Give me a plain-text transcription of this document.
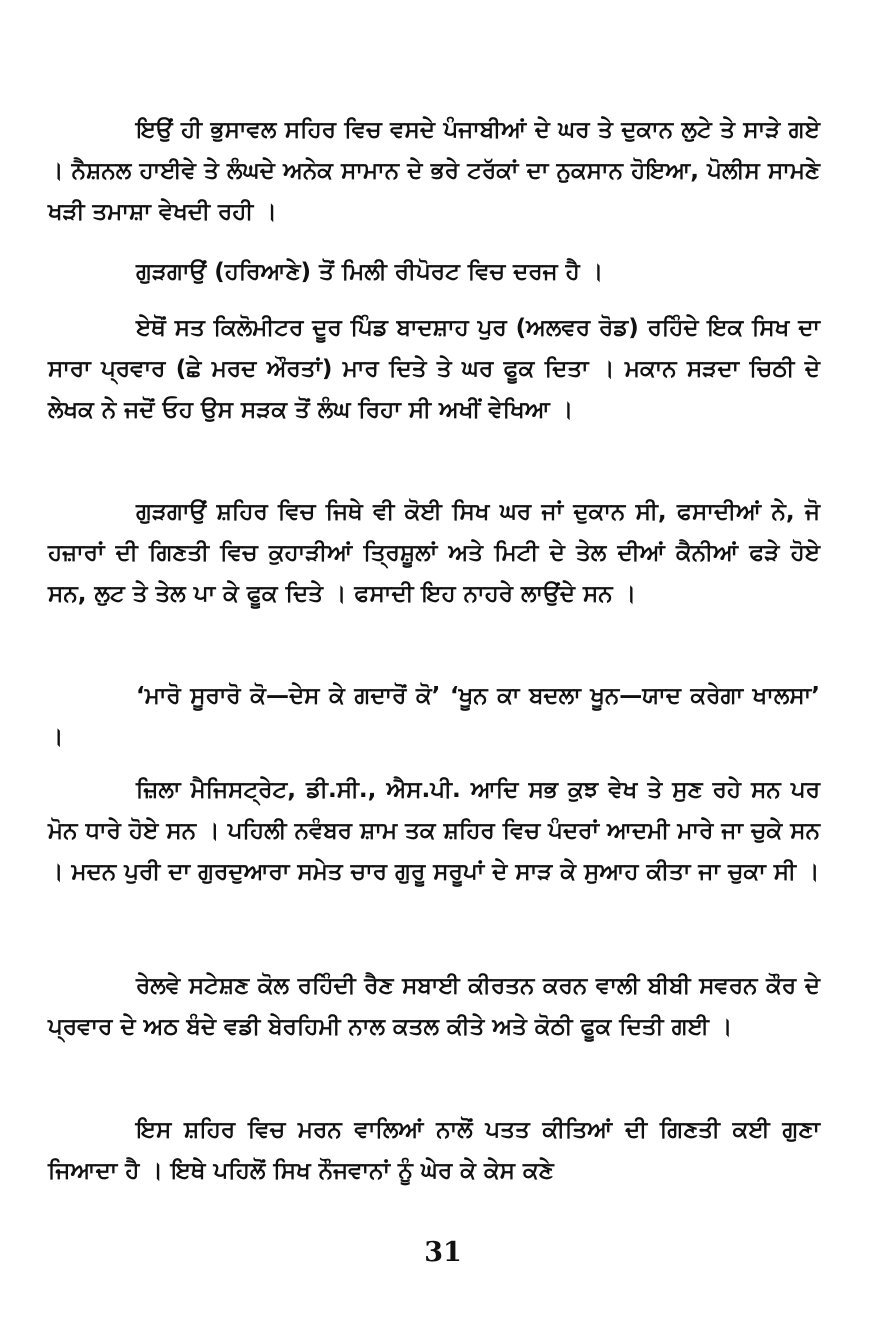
ਇਉਂ ਹੀ ਭੁਸਾਵਲ ਸਹਿਰ ਵਿਚ ਵਸਦੇ ਪੰਜਾਬੀਆਂ ਦੇ ਘਰ ਤੇ ਦੁਕਾਨ ਲੁਟੇ ਤੇ ਸਾੜੇ ਗਏ । ਨੈਸ਼ਨਲ ਹਾਈਵੇ ਤੇ ਲੰਘਦੇ ਅਨੇਕ ਸਾਮਾਨ ਦੇ ਭਰੇ ਟਰੱਕਾਂ ਦਾ ਨੁਕਸਾਨ ਹੋਇਆ, ਪੋਲੀਸ ਸਾਮਣੇ ਖੜੀ ਤਮਾਸ਼ਾ ਵੇਖਦੀ ਰਹੀ ।

ਗੁੜਗਾਉਂ (ਹਰਿਆਣੇ) ਤੋਂ ਮਿਲੀ ਰੀਪੋਰਟ ਵਿਚ ਦਰਜ ਹੈ ।

ਏਥੋਂ ਸਤ ਕਿਲੋਮੀਟਰ ਦੂਰ ਪਿੰਡ ਬਾਦਸ਼ਾਹ ਪੁਰ (ਅਲਵਰ ਰੋਡ) ਰਹਿੰਦੇ ਇਕ ਸਿਖ ਦਾ ਸਾਰਾ ਪ੍ਰਵਾਰ (ਛੇ ਮਰਦ ਔਰਤਾਂ) ਮਾਰ ਦਿਤੇ ਤੇ ਘਰ ਫੂਕ ਦਿਤਾ । ਮਕਾਨ ਸੜਦਾ ਚਿਠੀ ਦੇ ਲੇਖਕ ਨੇ ਜਦੋਂ ਓਹ ਉਸ ਸੜਕ ਤੋਂ ਲੰਘ ਰਿਹਾ ਸੀ ਅਖੀਂ ਵੇਖਿਆ ।

ਗੁੜਗਾਉਂ ਸ਼ਹਿਰ ਵਿਚ ਜਿਥੇ ਵੀ ਕੋਈ ਸਿਖ ਘਰ ਜਾਂ ਦੁਕਾਨ ਸੀ, ਫਸਾਦੀਆਂ ਨੇ, ਜੋ ਹਜ਼ਾਰਾਂ ਦੀ ਗਿਣਤੀ ਵਿਚ ਕੁਹਾੜੀਆਂ ਤ੍ਰਿਸ਼ੂਲਾਂ ਅਤੇ ਮਿਟੀ ਦੇ ਤੇਲ ਦੀਆਂ ਕੈਨੀਆਂ ਫੜੇ ਹੋਏ ਸਨ, ਲੁਟ ਤੇ ਤੇਲ ਪਾ ਕੇ ਫੂਕ ਦਿਤੇ । ਫਸਾਦੀ ਇਹ ਨਾਹਰੇ ਲਾਉਂਦੇ ਸਨ ।

‘ਮਾਰੋ ਸੂਰਾਰੋ ਕੋ—ਦੇਸ ਕੇ ਗਦਾਰੋਂ ਕੋ’ ‘ਖੂਨ ਕਾ ਬਦਲਾ ਖੂਨ—ਯਾਦ ਕਰੇਗਾ ਖਾਲਸਾ’ ।

ਜ਼ਿਲਾ ਮੈਜਿਸਟ੍ਰੇਟ, ਡੀ.ਸੀ., ਐਸ.ਪੀ. ਆਦਿ ਸਭ ਕੁਝ ਵੇਖ ਤੇ ਸੁਣ ਰਹੇ ਸਨ ਪਰ ਮੋਨ ਧਾਰੇ ਹੋਏ ਸਨ । ਪਹਿਲੀ ਨਵੰਬਰ ਸ਼ਾਮ ਤਕ ਸ਼ਹਿਰ ਵਿਚ ਪੰਦਰਾਂ ਆਦਮੀ ਮਾਰੇ ਜਾ ਚੁਕੇ ਸਨ । ਮਦਨ ਪੁਰੀ ਦਾ ਗੁਰਦੁਆਰਾ ਸਮੇਤ ਚਾਰ ਗੁਰੂ ਸਰੂਪਾਂ ਦੇ ਸਾੜ ਕੇ ਸੁਆਹ ਕੀਤਾ ਜਾ ਚੁਕਾ ਸੀ ।

ਰੇਲਵੇ ਸਟੇਸ਼ਣ ਕੋਲ ਰਹਿੰਦੀ ਰੈਣ ਸਬਾਈ ਕੀਰਤਨ ਕਰਨ ਵਾਲੀ ਬੀਬੀ ਸਵਰਨ ਕੌਰ ਦੇ ਪ੍ਰਵਾਰ ਦੇ ਅਠ ਬੰਦੇ ਵਡੀ ਬੇਰਹਿਮੀ ਨਾਲ ਕਤਲ ਕੀਤੇ ਅਤੇ ਕੋਠੀ ਫੂਕ ਦਿਤੀ ਗਈ ।

ਇਸ ਸ਼ਹਿਰ ਵਿਚ ਮਰਨ ਵਾਲਿਆਂ ਨਾਲੋਂ ਪਤਤ ਕੀਤਿਆਂ ਦੀ ਗਿਣਤੀ ਕਈ ਗੁਣਾ ਜਿਆਦਾ ਹੈ । ਇਥੇ ਪਹਿਲੋਂ ਸਿਖ ਨੌਜਵਾਨਾਂ ਨੂੰ ਘੇਰ ਕੇ ਕੇਸ ਕਣੇ

31
